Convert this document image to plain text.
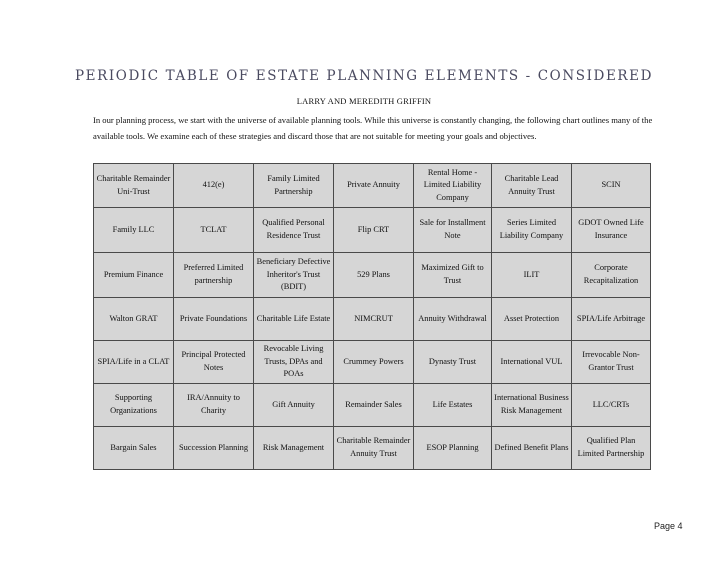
PERIODIC TABLE OF ESTATE PLANNING ELEMENTS - CONSIDERED
LARRY AND MEREDITH GRIFFIN
In our planning process, we start with the universe of available planning tools. While this universe is constantly changing, the following chart outlines many of the available tools. We examine each of these strategies and discard those that are not suitable for meeting your goals and objectives.
Charitable Remainder Uni-Trust	412(e)	Family Limited Partnership	Private Annuity	Rental Home - Limited Liability Company	Charitable Lead Annuity Trust	SCIN
Family LLC	TCLAT	Qualified Personal Residence Trust	Flip CRT	Sale for Installment Note	Series Limited Liability Company	GDOT Owned Life Insurance
Premium Finance	Preferred Limited partnership	Beneficiary Defective Inheritor's Trust (BDIT)	529 Plans	Maximized Gift to Trust	ILIT	Corporate Recapitalization
Walton GRAT	Private Foundations	Charitable Life Estate	NIMCRUT	Annuity Withdrawal	Asset Protection	SPIA/Life Arbitrage
SPIA/Life in a CLAT	Principal Protected Notes	Revocable Living Trusts, DPAs and POAs	Crummey Powers	Dynasty Trust	International VUL	Irrevocable Non-Grantor Trust
Supporting Organizations	IRA/Annuity to Charity	Gift Annuity	Remainder Sales	Life Estates	International Business Risk Management	LLC/CRTs
Bargain Sales	Succession Planning	Risk Management	Charitable Remainder Annuity Trust	ESOP Planning	Defined Benefit Plans	Qualified Plan Limited Partnership
Page 4
